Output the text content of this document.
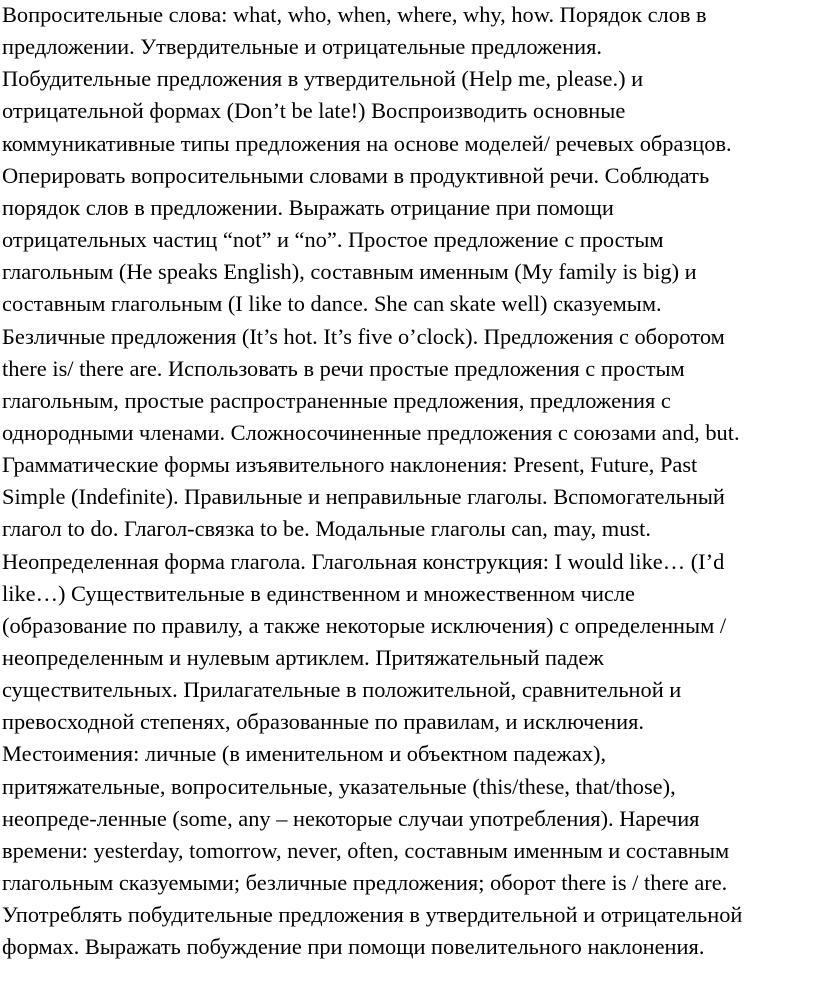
Вопросительные слова: what, who, when, where, why, how. Порядок слов в
предложении. Утвердительные и отрицательные предложения.
Побудительные предложения в утвердительной (Help me, please.) и
отрицательной формах (Don’t be late!) Воспроизводить основные
коммуникативные типы предложения на основе моделей/ речевых образцов.
Оперировать вопросительными словами в продуктивной речи. Соблюдать
порядок слов в предложении. Выражать отрицание при помощи
отрицательных частиц “not” и “no”. Простое предложение с простым
глагольным (He speaks English), составным именным (My family is big) и
составным глагольным (I like to dance. She can skate well) сказуемым.
Безличные предложения (It’s hot. It’s five o’clock). Предложения с оборотом
there is/ there are. Использовать в речи простые предложения с простым
глагольным, простые распространенные предложения, предложения с
однородными членами. Сложносочиненные предложения с союзами and, but.
Грамматические формы изъявительного наклонения: Present, Future, Past
Simple (Indefinite). Правильные и неправильные глаголы. Вспомогательный
глагол to do. Глагол-связка to be. Модальные глаголы can, may, must.
Неопределенная форма глагола. Глагольная конструкция: I would like… (I’d
like…) Существительные в единственном и множественном числе
(образование по правилу, а также некоторые исключения) с определенным /
неопределенным и нулевым артиклем. Притяжательный падеж
существительных. Прилагательные в положительной, сравнительной и
превосходной степенях, образованные по правилам, и исключения.
Местоимения: личные (в именительном и объектном падежах),
притяжательные, вопросительные, указательные (this/these, that/those),
неопреде-ленные (some, any – некоторые случаи употребления). Наречия
времени: yesterday, tomorrow, never, often, составным именным и составным
глагольным сказуемыми; безличные предложения; оборот there is / there are.
Употреблять побудительные предложения в утвердительной и отрицательной
формах. Выражать побуждение при помощи повелительного наклонения.
